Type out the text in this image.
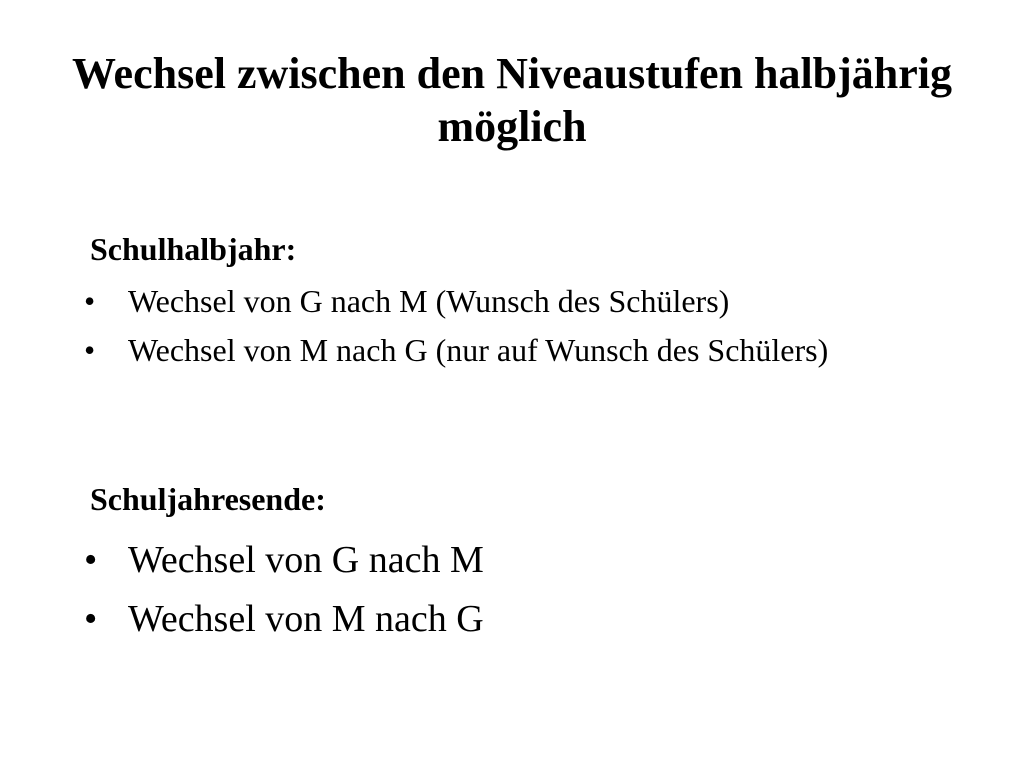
Wechsel zwischen den Niveaustufen halbjährig möglich
Schulhalbjahr:
• Wechsel von G nach M (Wunsch des Schülers)
• Wechsel von M nach G (nur auf Wunsch des Schülers)
Schuljahresende:
• Wechsel von G nach M
• Wechsel von M nach G
